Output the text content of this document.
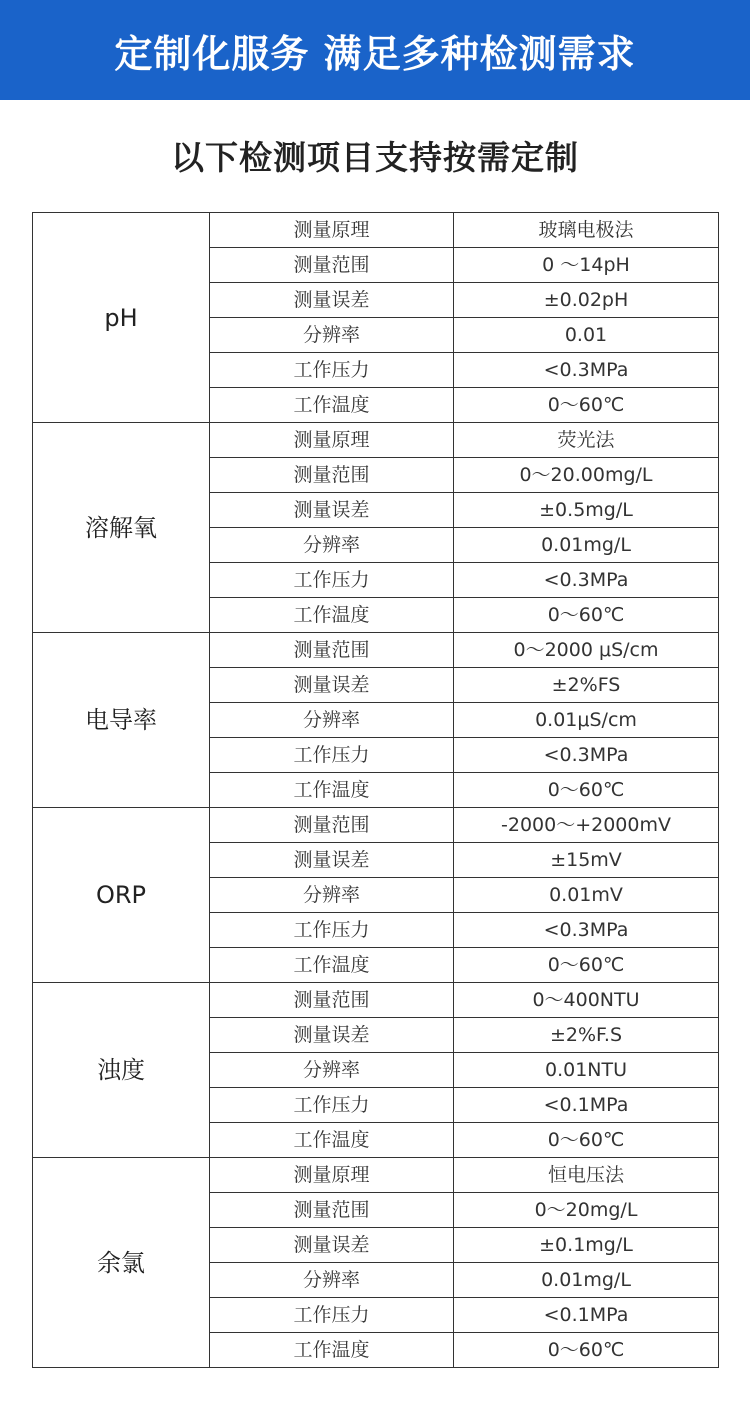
定制化服务 满足多种检测需求
以下检测项目支持按需定制
pH	测量原理	玻璃电极法
	测量范围	0 ～14pH
	测量误差	±0.02pH
	分辨率	0.01
	工作压力	<0.3MPa
	工作温度	0～60℃
溶解氧	测量原理	荧光法
	测量范围	0～20.00mg/L
	测量误差	±0.5mg/L
	分辨率	0.01mg/L
	工作压力	<0.3MPa
	工作温度	0～60℃
电导率	测量范围	0～2000 μS/cm
	测量误差	±2%FS
	分辨率	0.01μS/cm
	工作压力	<0.3MPa
	工作温度	0～60℃
ORP	测量范围	-2000～+2000mV
	测量误差	±15mV
	分辨率	0.01mV
	工作压力	<0.3MPa
	工作温度	0～60℃
浊度	测量范围	0～400NTU
	测量误差	±2%F.S
	分辨率	0.01NTU
	工作压力	<0.1MPa
	工作温度	0～60℃
余氯	测量原理	恒电压法
	测量范围	0～20mg/L
	测量误差	±0.1mg/L
	分辨率	0.01mg/L
	工作压力	<0.1MPa
	工作温度	0～60℃
